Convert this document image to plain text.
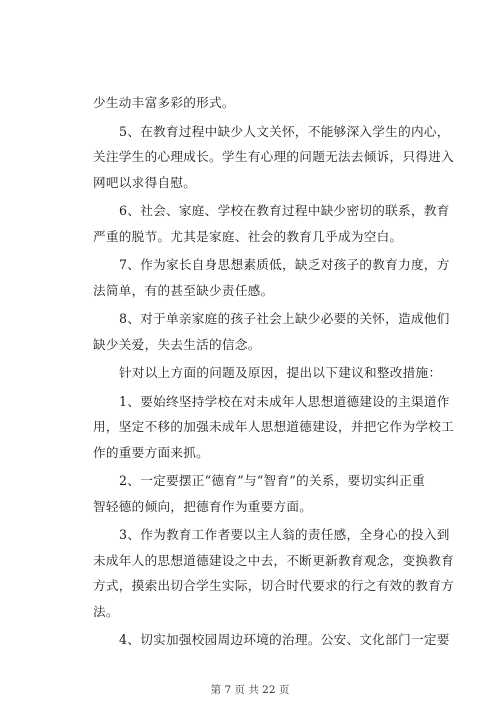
少生动丰富多彩的形式。
5、在教育过程中缺少人文关怀，不能够深入学生的内心，
关注学生的心理成长。学生有心理的问题无法去倾诉，只得进入
网吧以求得自慰。
6、社会、家庭、学校在教育过程中缺少密切的联系，教育
严重的脱节。尤其是家庭、社会的教育几乎成为空白。
7、作为家长自身思想素质低，缺乏对孩子的教育力度，方
法简单，有的甚至缺少责任感。
8、对于单亲家庭的孩子社会上缺少必要的关怀，造成他们
缺少关爱，失去生活的信念。
针对以上方面的问题及原因，提出以下建议和整改措施：
1、要始终坚持学校在对未成年人思想道德建设的主渠道作
用，坚定不移的加强未成年人思想道德建设，并把它作为学校工
作的重要方面来抓。
2、一定要摆正“德育”与“智育”的关系，要切实纠正重
智轻德的倾向，把德育作为重要方面。
3、作为教育工作者要以主人翁的责任感，全身心的投入到
未成年人的思想道德建设之中去，不断更新教育观念，变换教育
方式，摸索出切合学生实际，切合时代要求的行之有效的教育方
法。
4、切实加强校园周边环境的治理。公安、文化部门一定要
第 7 页 共 22 页
